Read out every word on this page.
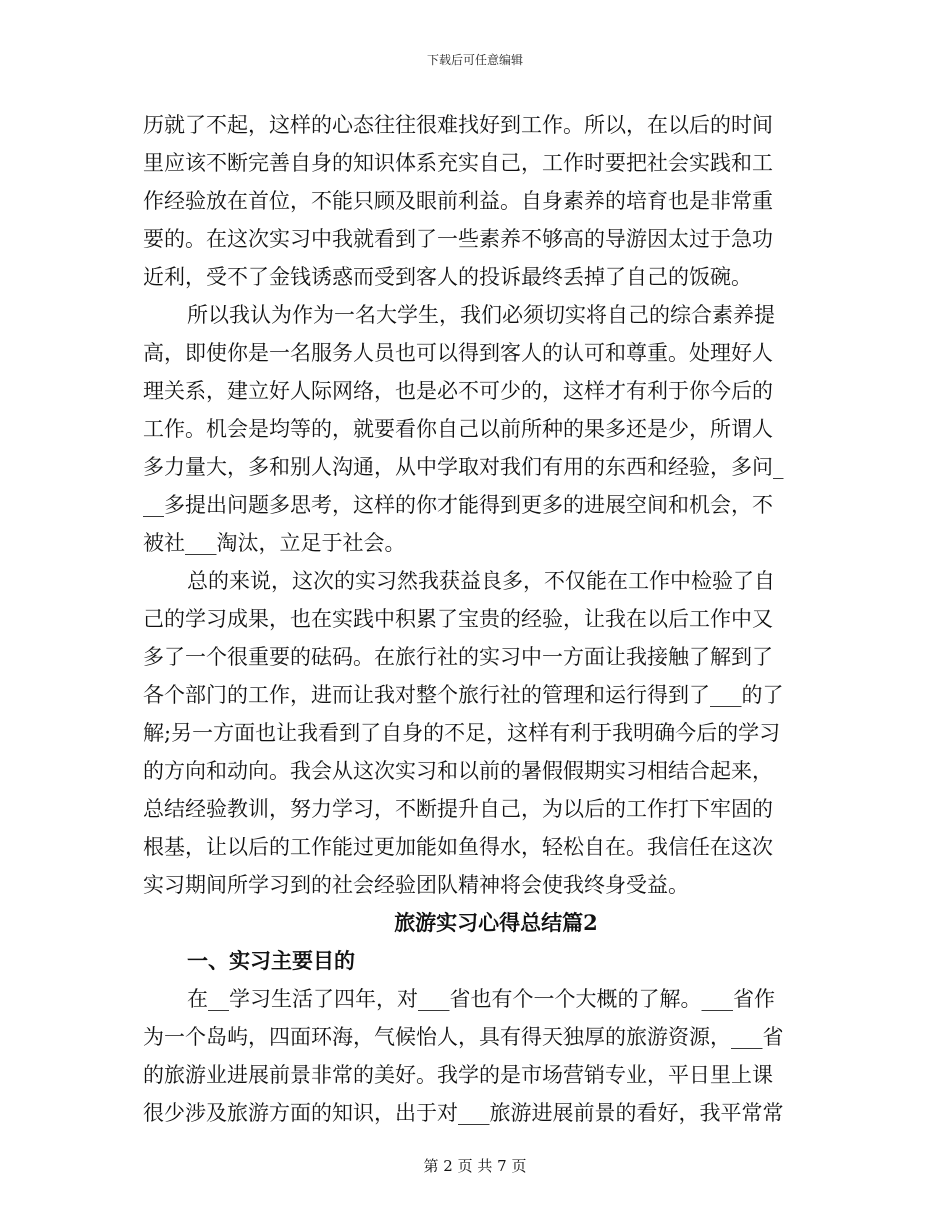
下载后可任意编辑
历就了不起，这样的心态往往很难找好到工作。所以，在以后的时间
里应该不断完善自身的知识体系充实自己，工作时要把社会实践和工
作经验放在首位，不能只顾及眼前利益。自身素养的培育也是非常重
要的。在这次实习中我就看到了一些素养不够高的导游因太过于急功
近利，受不了金钱诱惑而受到客人的投诉最终丢掉了自己的饭碗。
所以我认为作为一名大学生，我们必须切实将自己的综合素养提
高，即使你是一名服务人员也可以得到客人的认可和尊重。处理好人
理关系，建立好人际网络，也是必不可少的，这样才有利于你今后的
工作。机会是均等的，就要看你自己以前所种的果多还是少，所谓人
多力量大，多和别人沟通，从中学取对我们有用的东西和经验，多问_
__多提出问题多思考，这样的你才能得到更多的进展空间和机会，不
被社___淘汰，立足于社会。
总的来说，这次的实习然我获益良多，不仅能在工作中检验了自
己的学习成果，也在实践中积累了宝贵的经验，让我在以后工作中又
多了一个很重要的砝码。在旅行社的实习中一方面让我接触了解到了
各个部门的工作，进而让我对整个旅行社的管理和运行得到了___的了
解;另一方面也让我看到了自身的不足，这样有利于我明确今后的学习
的方向和动向。我会从这次实习和以前的暑假假期实习相结合起来，
总结经验教训，努力学习，不断提升自己，为以后的工作打下牢固的
根基，让以后的工作能过更加能如鱼得水，轻松自在。我信任在这次
实习期间所学习到的社会经验团队精神将会使我终身受益。
旅游实习心得总结篇2
一、实习主要目的
在__学习生活了四年，对___省也有个一个大概的了解。___省作
为一个岛屿，四面环海，气候怡人，具有得天独厚的旅游资源，___省
的旅游业进展前景非常的美好。我学的是市场营销专业，平日里上课
很少涉及旅游方面的知识，出于对___旅游进展前景的看好，我平常常
第 2 页 共 7 页
